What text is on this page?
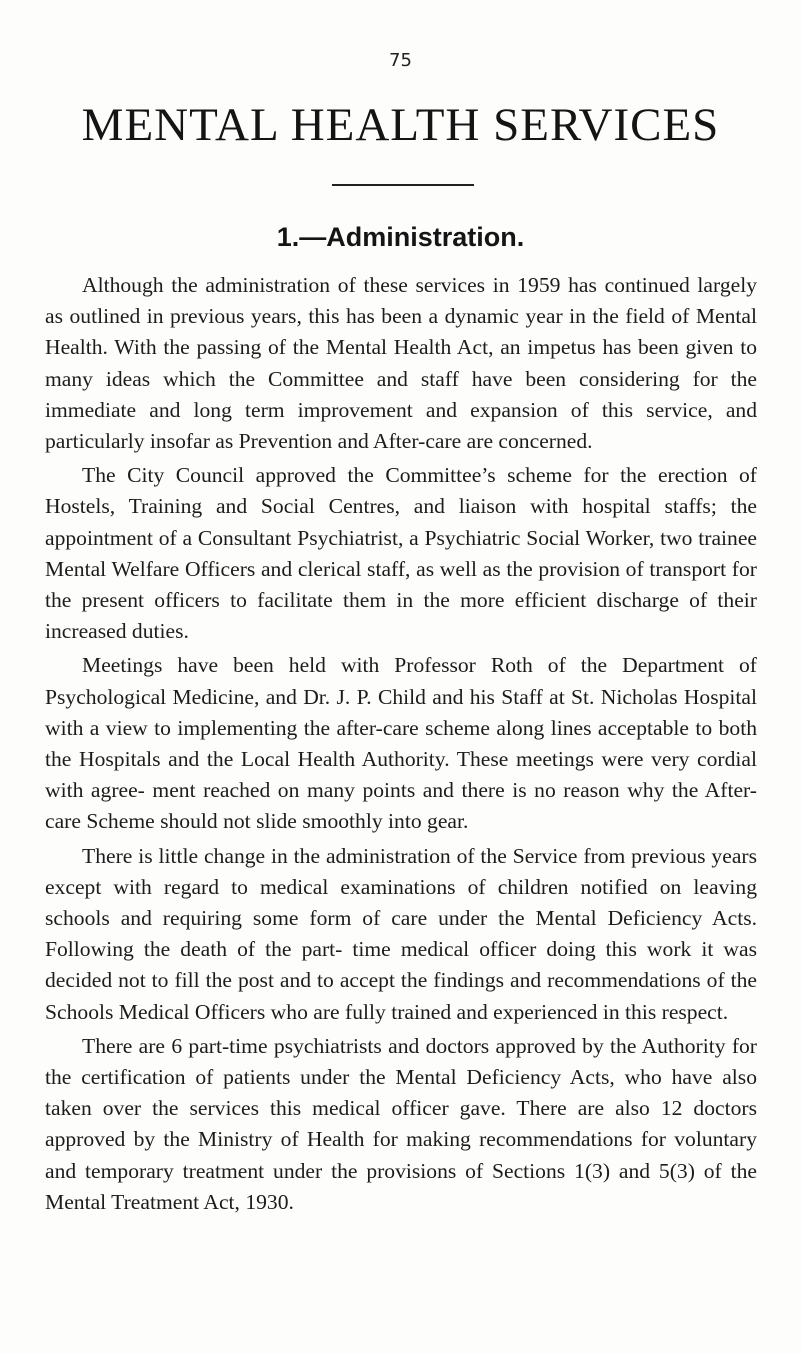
75
MENTAL HEALTH SERVICES
1.—Administration.

Although the administration of these services in 1959 has continued largely as outlined in previous years, this has been a dynamic year in the field of Mental Health. With the passing of the Mental Health Act, an impetus has been given to many ideas which the Committee and staff have been considering for the immediate and long term improvement and expansion of this service, and particularly insofar as Prevention and After-care are concerned.

The City Council approved the Committee’s scheme for the erection of Hostels, Training and Social Centres, and liaison with hospital staffs; the appointment of a Consultant Psychiatrist, a Psychiatric Social Worker, two trainee Mental Welfare Officers and clerical staff, as well as the provision of transport for the present officers to facilitate them in the more efficient discharge of their increased duties.

Meetings have been held with Professor Roth of the Department of Psychological Medicine, and Dr. J. P. Child and his Staff at St. Nicholas Hospital with a view to implementing the after-care scheme along lines acceptable to both the Hospitals and the Local Health Authority. These meetings were very cordial with agree- ment reached on many points and there is no reason why the After- care Scheme should not slide smoothly into gear.

There is little change in the administration of the Service from previous years except with regard to medical examinations of children notified on leaving schools and requiring some form of care under the Mental Deficiency Acts. Following the death of the part- time medical officer doing this work it was decided not to fill the post and to accept the findings and recommendations of the Schools Medical Officers who are fully trained and experienced in this respect.

There are 6 part-time psychiatrists and doctors approved by the Authority for the certification of patients under the Mental Deficiency Acts, who have also taken over the services this medical officer gave. There are also 12 doctors approved by the Ministry of Health for making recommendations for voluntary and temporary treatment under the provisions of Sections 1(3) and 5(3) of the Mental Treatment Act, 1930.
